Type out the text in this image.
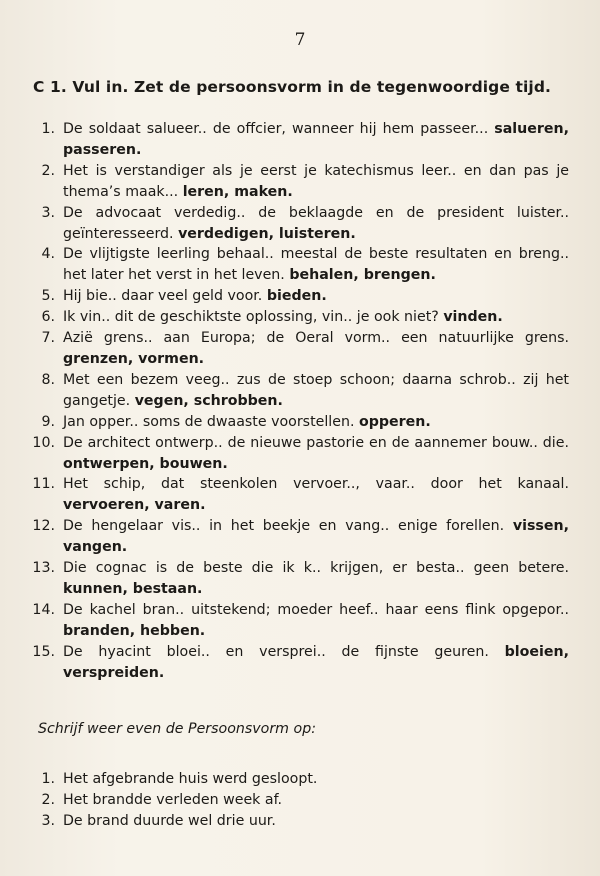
7
C 1. Vul in. Zet de persoonsvorm in de tegenwoordige tijd.
1. De soldaat salueer.. de offcier, wanneer hij hem passeer... salueren, passeren.
2. Het is verstandiger als je eerst je katechismus leer.. en dan pas je thema’s maak... leren, maken.
3. De advocaat verdedig.. de beklaagde en de president luister.. geïnteresseerd. verdedigen, luisteren.
4. De vlijtigste leerling behaal.. meestal de beste resultaten en breng.. het later het verst in het leven. behalen, brengen.
5. Hij bie.. daar veel geld voor. bieden.
6. Ik vin.. dit de geschiktste oplossing, vin.. je ook niet? vinden.
7. Azië grens.. aan Europa; de Oeral vorm.. een natuurlijke grens. grenzen, vormen.
8. Met een bezem veeg.. zus de stoep schoon; daarna schrob.. zij het gangetje. vegen, schrobben.
9. Jan opper.. soms de dwaaste voorstellen. opperen.
10. De architect ontwerp.. de nieuwe pastorie en de aannemer bouw.. die. ontwerpen, bouwen.
11. Het schip, dat steenkolen vervoer.., vaar.. door het kanaal. vervoeren, varen.
12. De hengelaar vis.. in het beekje en vang.. enige forellen. vissen, vangen.
13. Die cognac is de beste die ik k.. krijgen, er besta.. geen betere. kunnen, bestaan.
14. De kachel bran.. uitstekend; moeder heef.. haar eens flink opgepor.. branden, hebben.
15. De hyacint bloei.. en versprei.. de fijnste geuren. bloeien, verspreiden.
Schrijf weer even de Persoonsvorm op:
1. Het afgebrande huis werd gesloopt.
2. Het brandde verleden week af.
3. De brand duurde wel drie uur.
